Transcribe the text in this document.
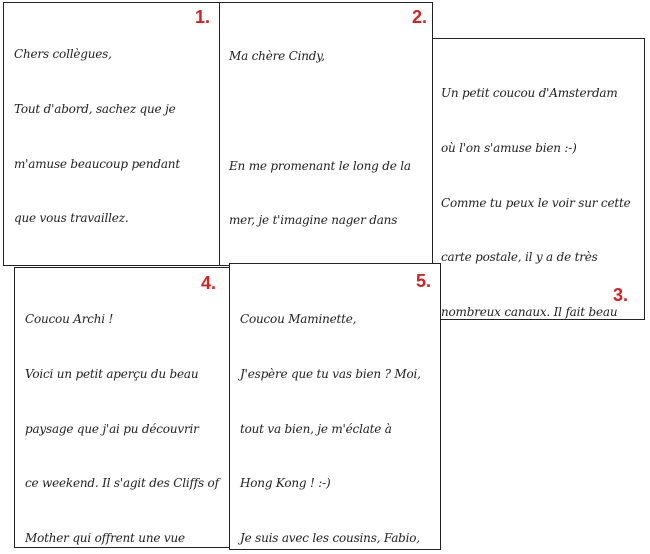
1.

Chers collègues,

Tout d'abord, sachez que je

m'amuse beaucoup pendant

que vous travaillez.

2.

Ma chère Cindy,

En me promenant le long de la

mer, je t'imagine nager dans

3.

Un petit coucou d'Amsterdam

où l'on s'amuse bien :-)

Comme tu peux le voir sur cette

carte postale, il y a de très

nombreux canaux. Il fait beau

4.

Coucou Archi !

Voici un petit aperçu du beau

paysage que j'ai pu découvrir

ce weekend. Il s'agit des Cliffs of

Mother qui offrent une vue

5.

Coucou Maminette,

J'espère que tu vas bien ? Moi,

tout va bien, je m'éclate à

Hong Kong ! :-)

Je suis avec les cousins, Fabio,
